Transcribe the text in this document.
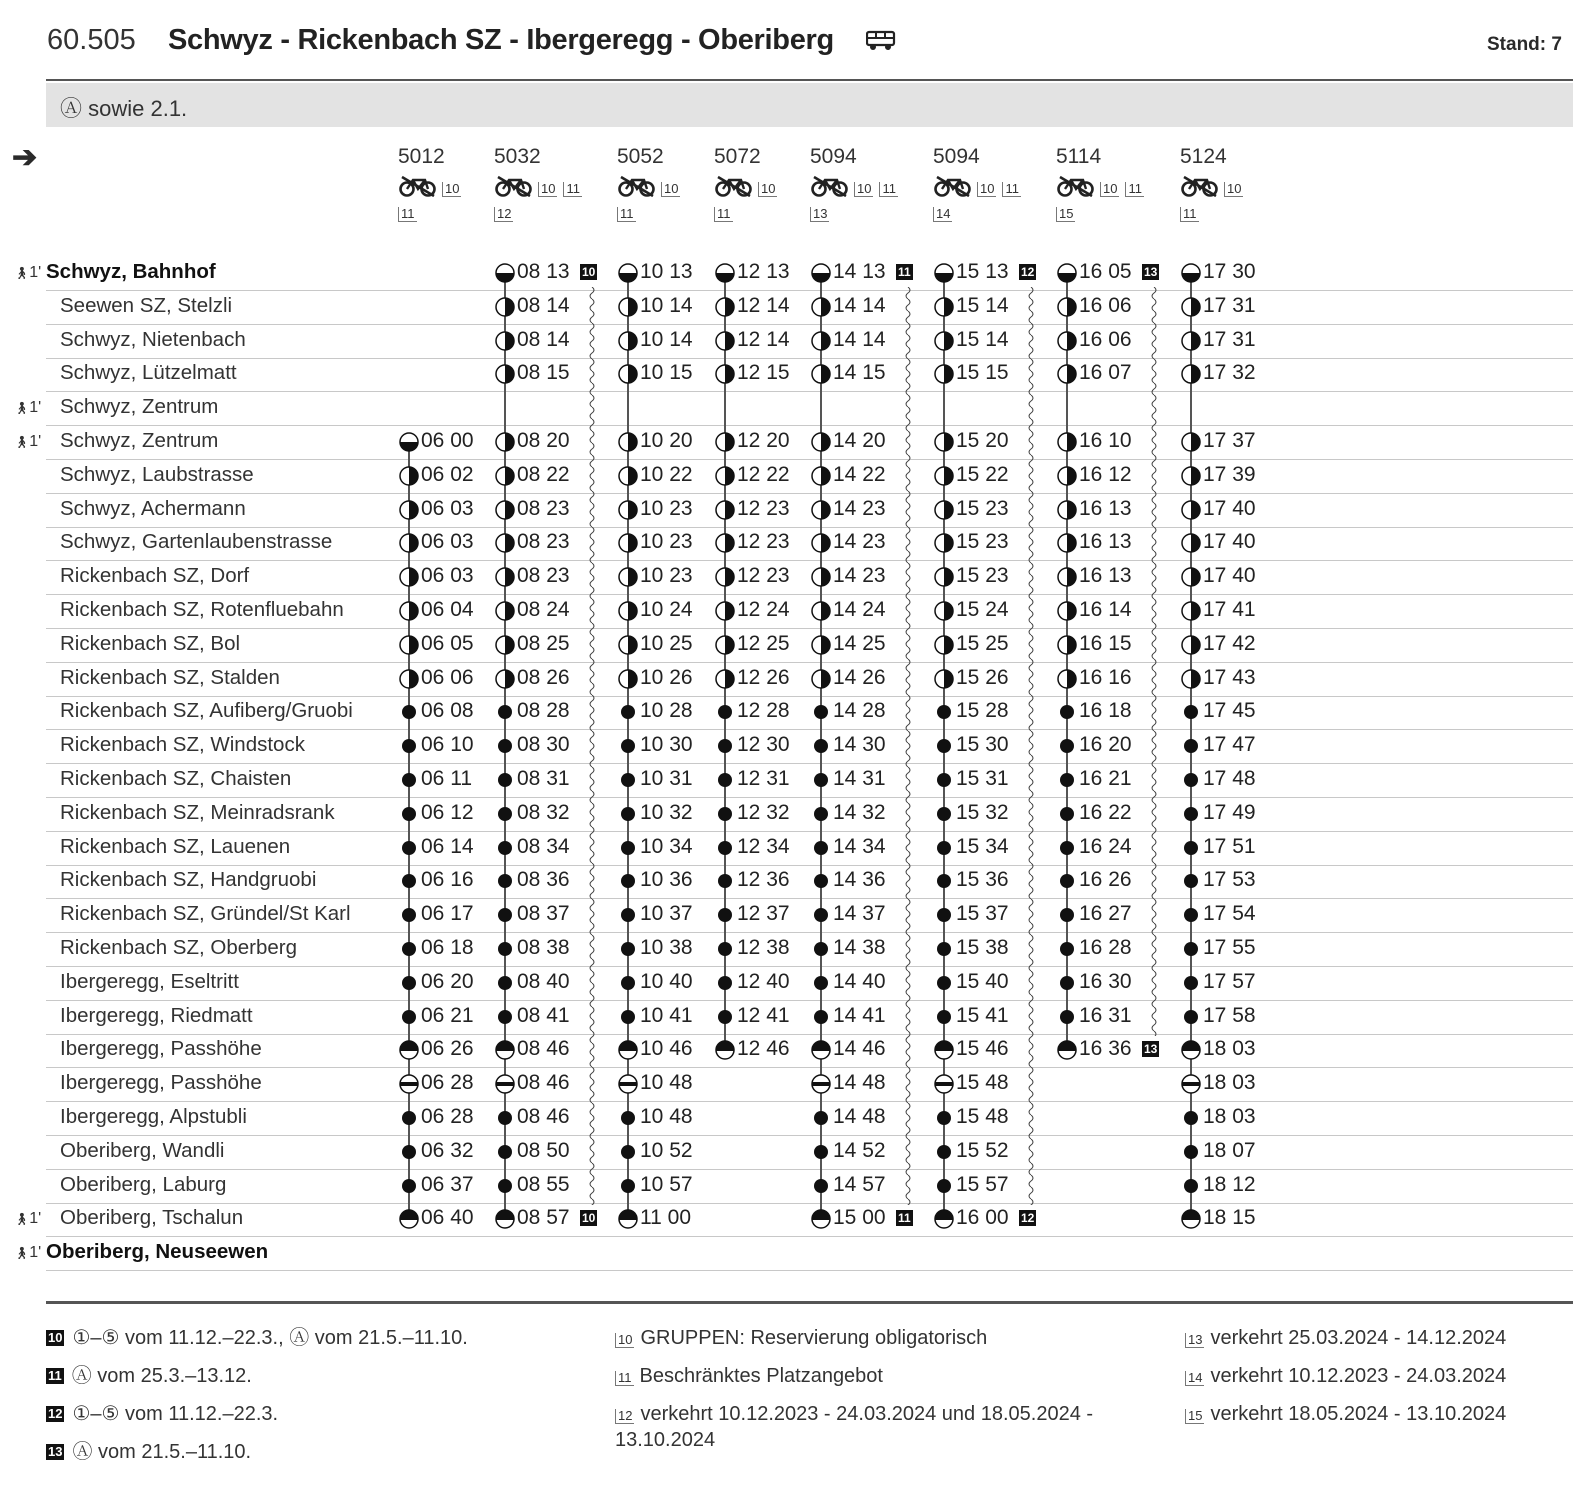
60.505 Schwyz - Rickenbach SZ - Ibergeregg - Oberiberg	Stand: 7
Ⓐ sowie 2.1.
➔
🚶︎1' Schwyz, Bahnhof
Seewen SZ, Stelzli
Schwyz, Nietenbach
Schwyz, Lützelmatt
🚶︎1' Schwyz, Zentrum
🚶︎1' Schwyz, Zentrum
Schwyz, Laubstrasse
Schwyz, Achermann
Schwyz, Gartenlaubenstrasse
Rickenbach SZ, Dorf
Rickenbach SZ, Rotenfluebahn
Rickenbach SZ, Bol
Rickenbach SZ, Stalden
Rickenbach SZ, Aufiberg/Gruobi
Rickenbach SZ, Windstock
Rickenbach SZ, Chaisten
Rickenbach SZ, Meinradsrank
Rickenbach SZ, Lauenen
Rickenbach SZ, Handgruobi
Rickenbach SZ, Gründel/St Karl
Rickenbach SZ, Oberberg
Ibergeregg, Eseltritt
Ibergeregg, Riedmatt
Ibergeregg, Passhöhe
Ibergeregg, Passhöhe
Ibergeregg, Alpstubli
Oberiberg, Wandli
Oberiberg, Laburg
🚶︎1' Oberiberg, Tschalun
🚶︎1' Oberiberg, Neuseewen
5012
10
11
06 00
06 02
06 03
06 03
06 03
06 04
06 05
06 06
06 08
06 10
06 11
06 12
06 14
06 16
06 17
06 18
06 20
06 21
06 26
06 28
06 28
06 32
06 37
06 40
5032
10 11
12
08 13 10
08 14
08 14
08 15
08 20
08 22
08 23
08 23
08 23
08 24
08 25
08 26
08 28
08 30
08 31
08 32
08 34
08 36
08 37
08 38
08 40
08 41
08 46
08 46
08 46
08 50
08 55
08 57 10
5052
10
11
10 13
10 14
10 14
10 15
10 20
10 22
10 23
10 23
10 23
10 24
10 25
10 26
10 28
10 30
10 31
10 32
10 34
10 36
10 37
10 38
10 40
10 41
10 46
10 48
10 48
10 52
10 57
11 00
5072
10
11
12 13
12 14
12 14
12 15
12 20
12 22
12 23
12 23
12 23
12 24
12 25
12 26
12 28
12 30
12 31
12 32
12 34
12 36
12 37
12 38
12 40
12 41
12 46
5094
10 11
13
14 13 11
14 14
14 14
14 15
14 20
14 22
14 23
14 23
14 23
14 24
14 25
14 26
14 28
14 30
14 31
14 32
14 34
14 36
14 37
14 38
14 40
14 41
14 46
14 48
14 48
14 52
14 57
15 00 11
5094
10 11
14
15 13 12
15 14
15 14
15 15
15 20
15 22
15 23
15 23
15 23
15 24
15 25
15 26
15 28
15 30
15 31
15 32
15 34
15 36
15 37
15 38
15 40
15 41
15 46
15 48
15 48
15 52
15 57
16 00 12
5114
10 11
15
16 05 13
16 06
16 06
16 07
16 10
16 12
16 13
16 13
16 13
16 14
16 15
16 16
16 18
16 20
16 21
16 22
16 24
16 26
16 27
16 28
16 30
16 31
16 36 13
5124
10
11
17 30
17 31
17 31
17 32
17 37
17 39
17 40
17 40
17 40
17 41
17 42
17 43
17 45
17 47
17 48
17 49
17 51
17 53
17 54
17 55
17 57
17 58
18 03
18 03
18 03
18 07
18 12
18 15
10 ①–⑤ vom 11.12.–22.3., Ⓐ vom 21.5.–11.10.
11 Ⓐ vom 25.3.–13.12.
12 ①–⑤ vom 11.12.–22.3.
13 Ⓐ vom 21.5.–11.10.
10 GRUPPEN: Reservierung obligatorisch
11 Beschränktes Platzangebot
12 verkehrt 10.12.2023 - 24.03.2024 und 18.05.2024 - 13.10.2024
13 verkehrt 25.03.2024 - 14.12.2024
14 verkehrt 10.12.2023 - 24.03.2024
15 verkehrt 18.05.2024 - 13.10.2024
